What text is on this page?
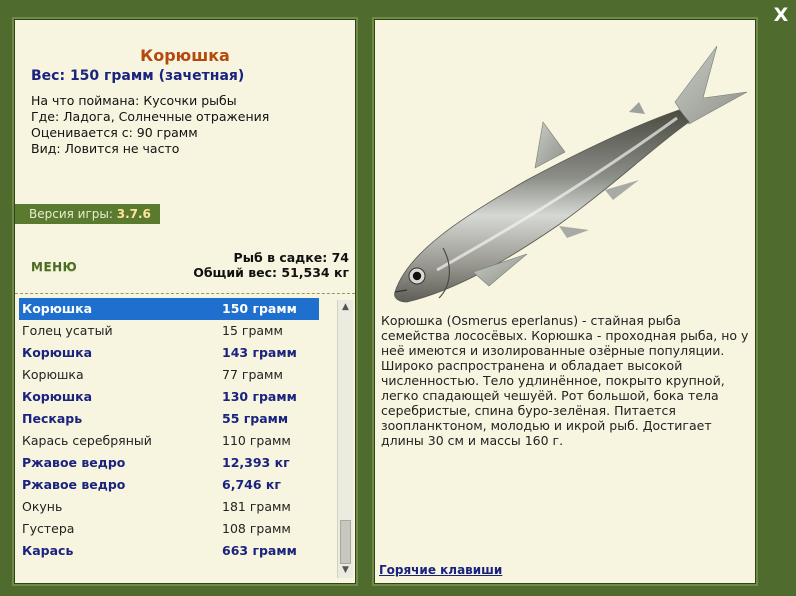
X
Корюшка
Вес: 150 грамм (зачетная)
На что поймана: Кусочки рыбы
Где: Ладога, Солнечные отражения
Оценивается с: 90 грамм
Вид: Ловится не часто
Версия игры: 3.7.6
МЕНЮ
Рыб в садке: 74
Общий вес: 51,534 кг
Корюшка	150 грамм
Голец усатый	15 грамм
Корюшка	143 грамм
Корюшка	77 грамм
Корюшка	130 грамм
Пескарь	55 грамм
Карась серебряный	110 грамм
Ржавое ведро	12,393 кг
Ржавое ведро	6,746 кг
Окунь	181 грамм
Густера	108 грамм
Карась	663 грамм
▲
▼
Корюшка (Osmerus eperlanus) - стайная рыба семейства лососёвых. Корюшка - проходная рыба, но у неё имеются и изолированные озёрные популяции. Широко распространена и обладает высокой численностью. Тело удлинённое, покрыто крупной, легко спадающей чешуёй. Рот большой, бока тела серебристые, спина буро-зелёная. Питается зоопланктоном, молодью и икрой рыб. Достигает длины 30 см и массы 160 г.
Горячие клавиши
